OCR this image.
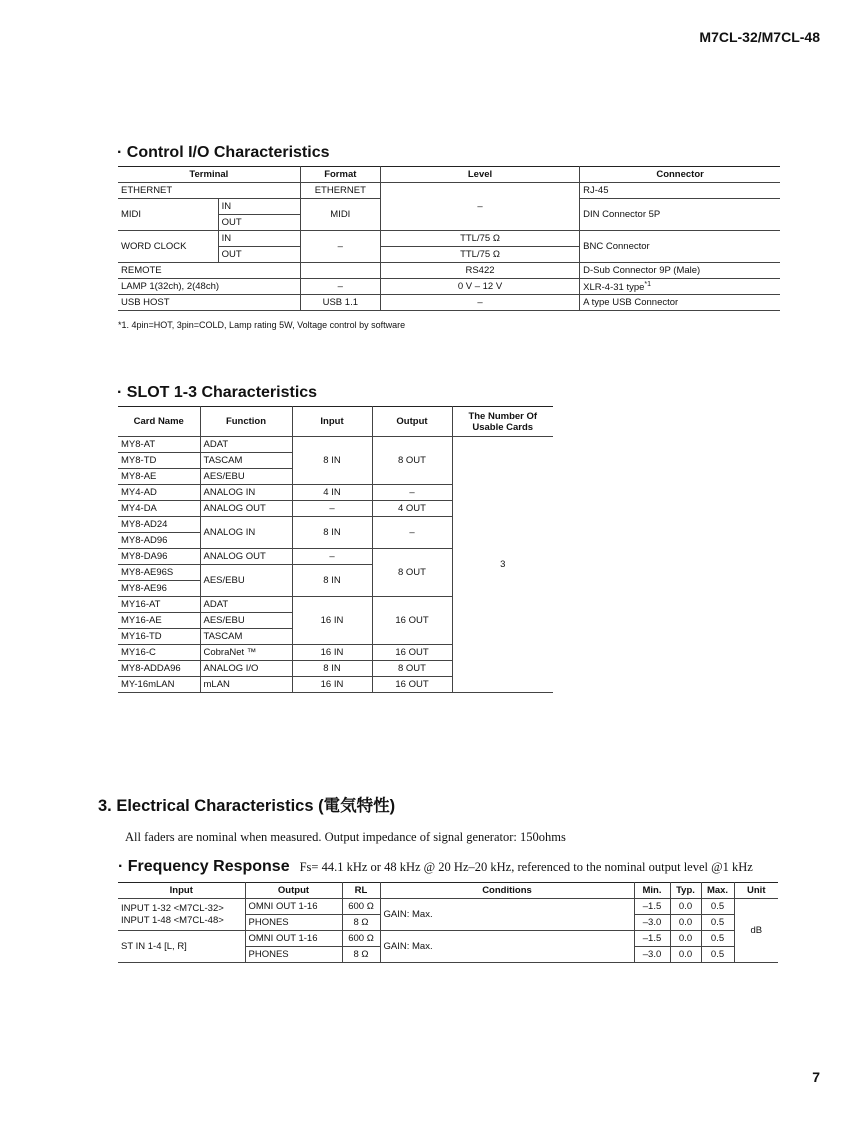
M7CL-32/M7CL-48
· Control I/O Characteristics
Terminal		Format	Level	Connector
ETHERNET		ETHERNET	–	RJ-45
MIDI	IN	MIDI		DIN Connector 5P
	OUT			
WORD CLOCK	IN	–	TTL/75 Ω	BNC Connector
	OUT		TTL/75 Ω	
REMOTE			RS422	D-Sub Connector 9P (Male)
LAMP 1(32ch), 2(48ch)		–	0 V – 12 V	XLR-4-31 type$^{*1}$
USB HOST		USB 1.1	–	A type USB Connector
*1. 4pin=HOT, 3pin=COLD, Lamp rating 5W, Voltage control by software
· SLOT 1-3 Characteristics
Card Name	Function	Input	Output	The Number Of
Usable Cards
MY8-AT	ADAT	8 IN	8 OUT	3
MY8-TD	TASCAM			
MY8-AE	AES/EBU			
MY4-AD	ANALOG IN	4 IN	–	
MY4-DA	ANALOG OUT	–	4 OUT	
MY8-AD24	ANALOG IN	8 IN	–	
MY8-AD96				
MY8-DA96	ANALOG OUT	–	8 OUT	
MY8-AE96S	AES/EBU	8 IN		
MY8-AE96				
MY16-AT	ADAT	16 IN	16 OUT	
MY16-AE	AES/EBU			
MY16-TD	TASCAM			
MY16-C	CobraNet ™	16 IN	16 OUT	
MY8-ADDA96	ANALOG I/O	8 IN	8 OUT	
MY-16mLAN	mLAN	16 IN	16 OUT	
3. Electrical Characteristics (電気特性)
All faders are nominal when measured. Output impedance of signal generator: 150ohms
· Frequency Response Fs= 44.1 kHz or 48 kHz @ 20 Hz–20 kHz, referenced to the nominal output level @1 kHz
Input	Output	RL	Conditions	Min.	Typ.	Max.	Unit
INPUT 1-32 <M7CL-32>
INPUT 1-48 <M7CL-48>	OMNI OUT 1-16	600 Ω	GAIN: Max.	–1.5	0.0	0.5	dB
	PHONES	8 Ω		–3.0	0.0	0.5	
ST IN 1-4 [L, R]	OMNI OUT 1-16	600 Ω	GAIN: Max.	–1.5	0.0	0.5	
	PHONES	8 Ω		–3.0	0.0	0.5	
7
